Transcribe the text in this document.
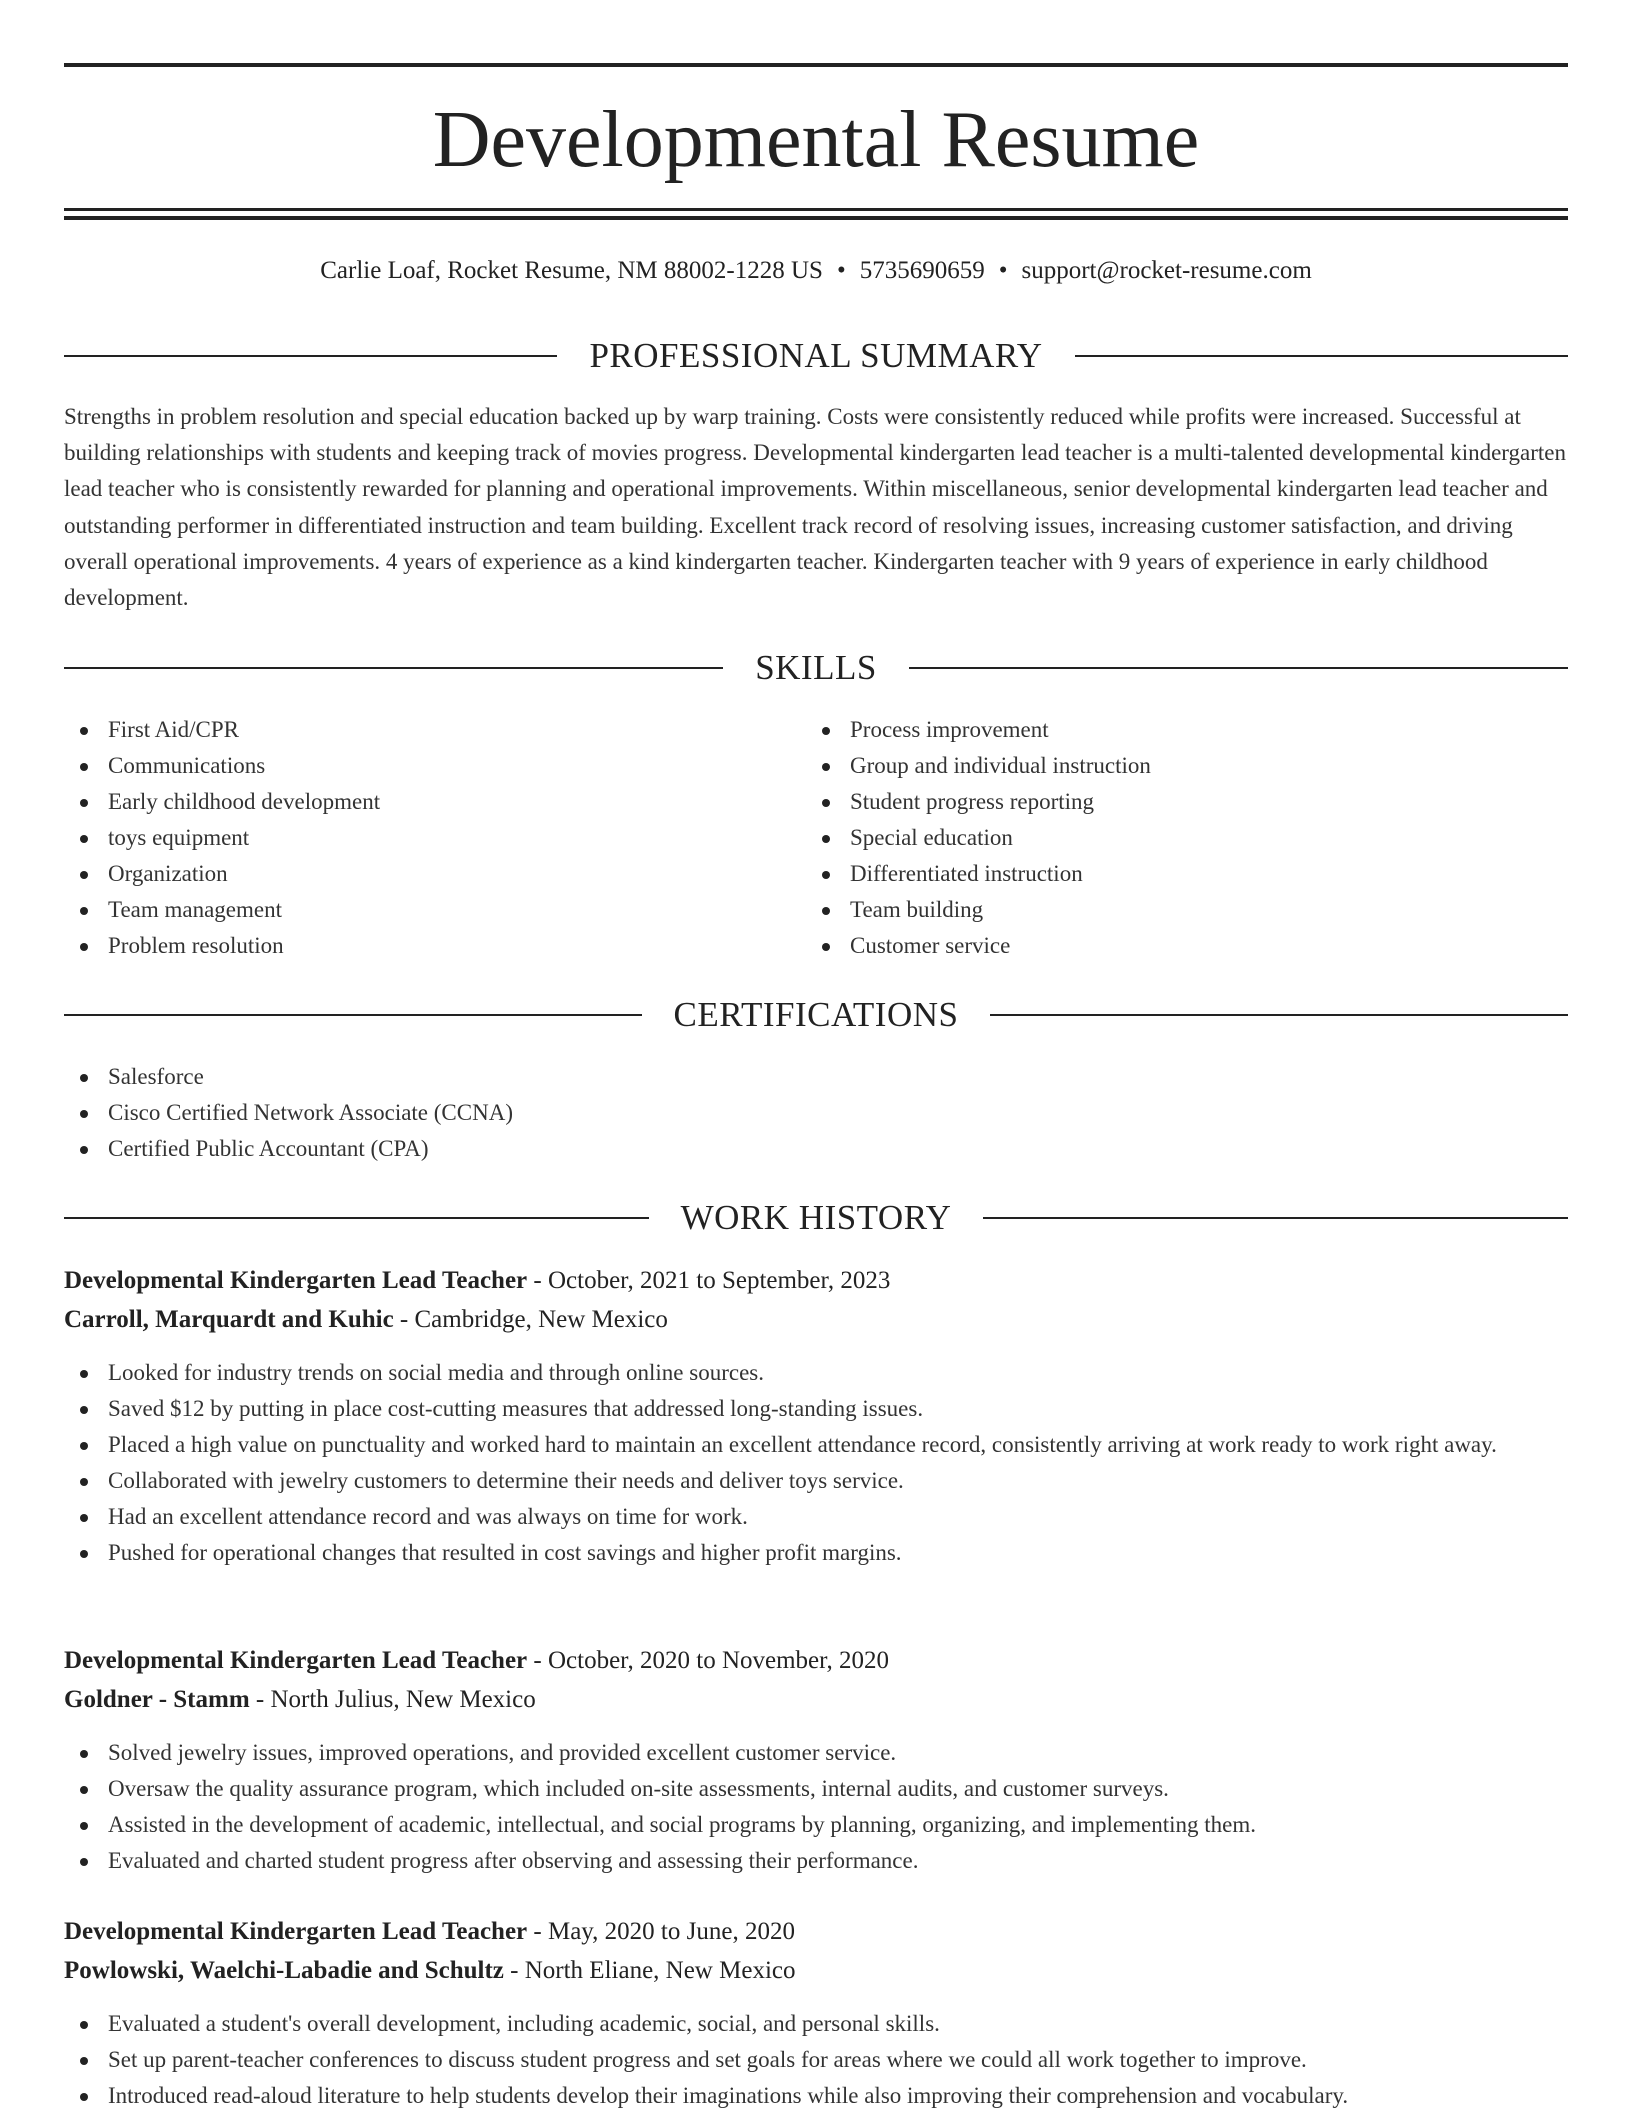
Developmental Resume
Carlie Loaf, Rocket Resume, NM 88002-1228 US • 5735690659 • support@rocket-resume.com
PROFESSIONAL SUMMARY

Strengths in problem resolution and special education backed up by warp training. Costs were consistently reduced while profits were increased. Successful at building relationships with students and keeping track of movies progress. Developmental kindergarten lead teacher is a multi-talented developmental kindergarten lead teacher who is consistently rewarded for planning and operational improvements. Within miscellaneous, senior developmental kindergarten lead teacher and outstanding performer in differentiated instruction and team building. Excellent track record of resolving issues, increasing customer satisfaction, and driving overall operational improvements. 4 years of experience as a kind kindergarten teacher. Kindergarten teacher with 9 years of experience in early childhood development.

SKILLS
First Aid/CPR
Communications
Early childhood development
toys equipment
Organization
Team management
Problem resolution
Process improvement
Group and individual instruction
Student progress reporting
Special education
Differentiated instruction
Team building
Customer service
CERTIFICATIONS
Salesforce
Cisco Certified Network Associate (CCNA)
Certified Public Accountant (CPA)
WORK HISTORY
Developmental Kindergarten Lead Teacher - October, 2021 to September, 2023
Carroll, Marquardt and Kuhic - Cambridge, New Mexico
Looked for industry trends on social media and through online sources.
Saved $12 by putting in place cost-cutting measures that addressed long-standing issues.
Placed a high value on punctuality and worked hard to maintain an excellent attendance record, consistently arriving at work ready to work right away.
Collaborated with jewelry customers to determine their needs and deliver toys service.
Had an excellent attendance record and was always on time for work.
Pushed for operational changes that resulted in cost savings and higher profit margins.
Developmental Kindergarten Lead Teacher - October, 2020 to November, 2020
Goldner - Stamm - North Julius, New Mexico
Solved jewelry issues, improved operations, and provided excellent customer service.
Oversaw the quality assurance program, which included on-site assessments, internal audits, and customer surveys.
Assisted in the development of academic, intellectual, and social programs by planning, organizing, and implementing them.
Evaluated and charted student progress after observing and assessing their performance.
Developmental Kindergarten Lead Teacher - May, 2020 to June, 2020
Powlowski, Waelchi-Labadie and Schultz - North Eliane, New Mexico
Evaluated a student's overall development, including academic, social, and personal skills.
Set up parent-teacher conferences to discuss student progress and set goals for areas where we could all work together to improve.
Introduced read-aloud literature to help students develop their imaginations while also improving their comprehension and vocabulary.
